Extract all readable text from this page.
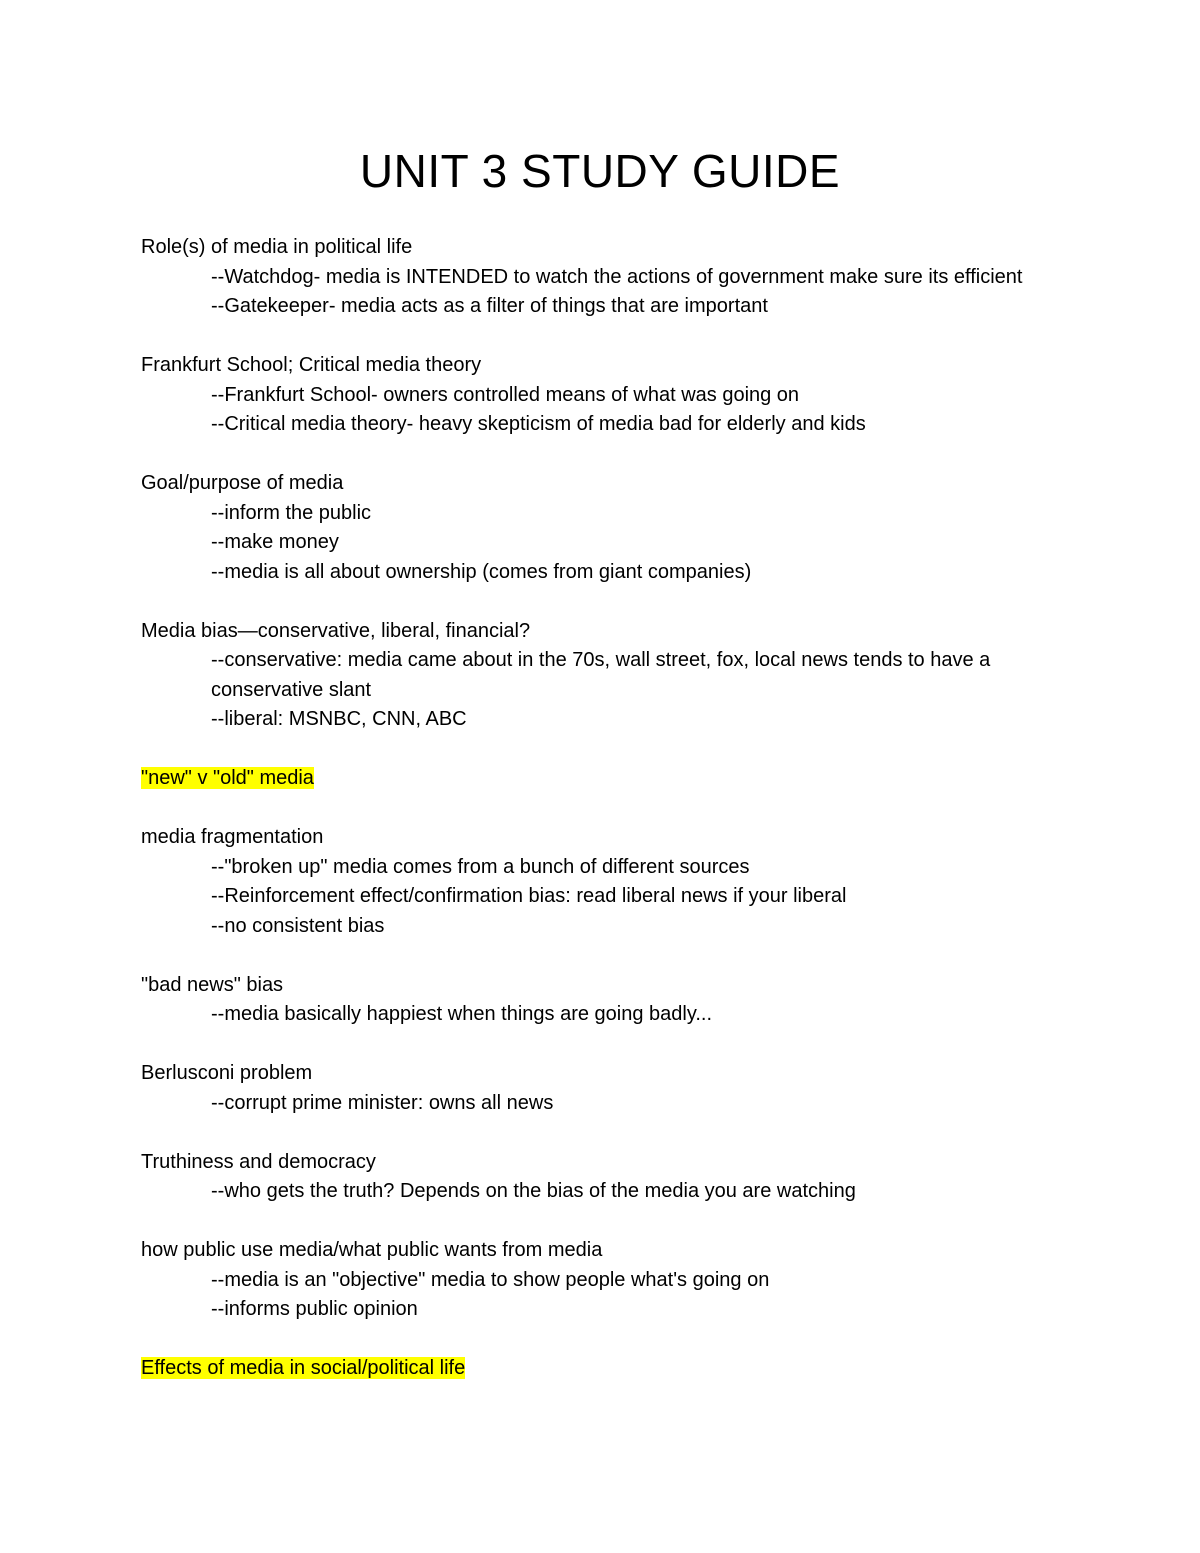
UNIT 3 STUDY GUIDE
Role(s) of media in political life
--Watchdog- media is INTENDED to watch the actions of government make sure its efficient
--Gatekeeper- media acts as a filter of things that are important
Frankfurt School; Critical media theory
--Frankfurt School- owners controlled means of what was going on
--Critical media theory- heavy skepticism of media bad for elderly and kids
Goal/purpose of media
--inform the public
--make money
--media is all about ownership (comes from giant companies)
Media bias—conservative, liberal, financial?
--conservative: media came about in the 70s, wall street, fox, local news tends to have a conservative slant
--liberal: MSNBC, CNN, ABC
"new" v "old" media
media fragmentation
--"broken up" media comes from a bunch of different sources
--Reinforcement effect/confirmation bias: read liberal news if your liberal
--no consistent bias
"bad news" bias
--media basically happiest when things are going badly...
Berlusconi problem
--corrupt prime minister: owns all news
Truthiness and democracy
--who gets the truth? Depends on the bias of the media you are watching
how public use media/what public wants from media
--media is an "objective" media to show people what's going on
--informs public opinion
Effects of media in social/political life
